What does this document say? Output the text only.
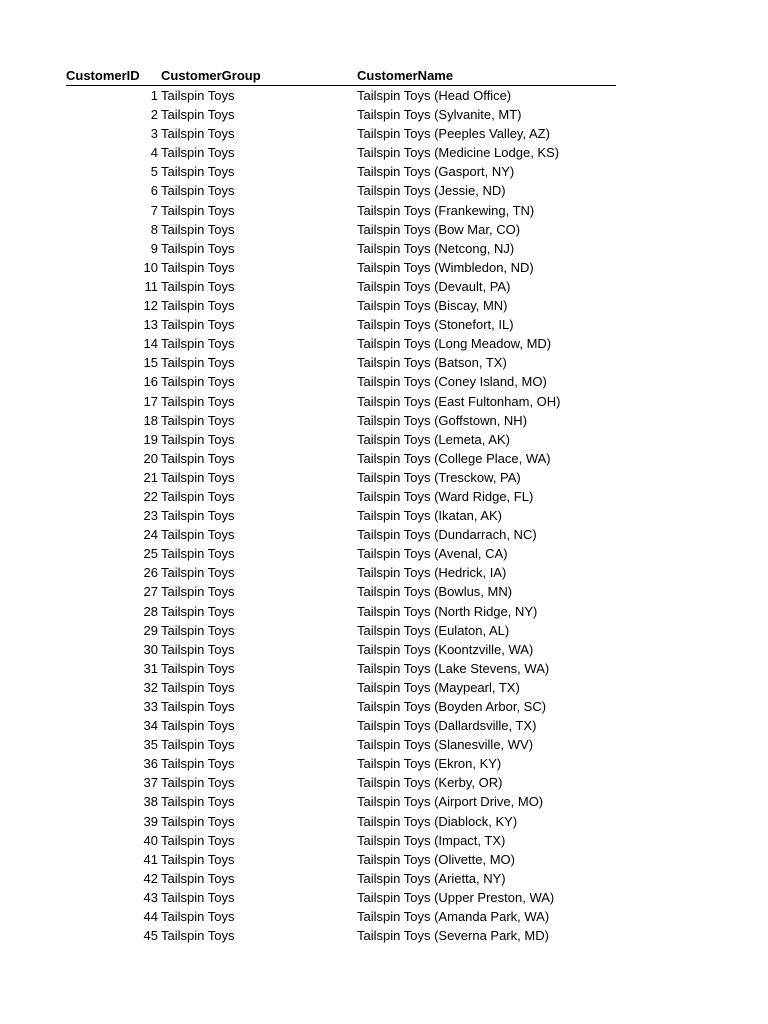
CustomerID CustomerGroup	CustomerName
1 Tailspin Toys	Tailspin Toys (Head Office)
2 Tailspin Toys	Tailspin Toys (Sylvanite, MT)
3 Tailspin Toys	Tailspin Toys (Peeples Valley, AZ)
4 Tailspin Toys	Tailspin Toys (Medicine Lodge, KS)
5 Tailspin Toys	Tailspin Toys (Gasport, NY)
6 Tailspin Toys	Tailspin Toys (Jessie, ND)
7 Tailspin Toys	Tailspin Toys (Frankewing, TN)
8 Tailspin Toys	Tailspin Toys (Bow Mar, CO)
9 Tailspin Toys	Tailspin Toys (Netcong, NJ)
10 Tailspin Toys	Tailspin Toys (Wimbledon, ND)
11 Tailspin Toys	Tailspin Toys (Devault, PA)
12 Tailspin Toys	Tailspin Toys (Biscay, MN)
13 Tailspin Toys	Tailspin Toys (Stonefort, IL)
14 Tailspin Toys	Tailspin Toys (Long Meadow, MD)
15 Tailspin Toys	Tailspin Toys (Batson, TX)
16 Tailspin Toys	Tailspin Toys (Coney Island, MO)
17 Tailspin Toys	Tailspin Toys (East Fultonham, OH)
18 Tailspin Toys	Tailspin Toys (Goffstown, NH)
19 Tailspin Toys	Tailspin Toys (Lemeta, AK)
20 Tailspin Toys	Tailspin Toys (College Place, WA)
21 Tailspin Toys	Tailspin Toys (Tresckow, PA)
22 Tailspin Toys	Tailspin Toys (Ward Ridge, FL)
23 Tailspin Toys	Tailspin Toys (Ikatan, AK)
24 Tailspin Toys	Tailspin Toys (Dundarrach, NC)
25 Tailspin Toys	Tailspin Toys (Avenal, CA)
26 Tailspin Toys	Tailspin Toys (Hedrick, IA)
27 Tailspin Toys	Tailspin Toys (Bowlus, MN)
28 Tailspin Toys	Tailspin Toys (North Ridge, NY)
29 Tailspin Toys	Tailspin Toys (Eulaton, AL)
30 Tailspin Toys	Tailspin Toys (Koontzville, WA)
31 Tailspin Toys	Tailspin Toys (Lake Stevens, WA)
32 Tailspin Toys	Tailspin Toys (Maypearl, TX)
33 Tailspin Toys	Tailspin Toys (Boyden Arbor, SC)
34 Tailspin Toys	Tailspin Toys (Dallardsville, TX)
35 Tailspin Toys	Tailspin Toys (Slanesville, WV)
36 Tailspin Toys	Tailspin Toys (Ekron, KY)
37 Tailspin Toys	Tailspin Toys (Kerby, OR)
38 Tailspin Toys	Tailspin Toys (Airport Drive, MO)
39 Tailspin Toys	Tailspin Toys (Diablock, KY)
40 Tailspin Toys	Tailspin Toys (Impact, TX)
41 Tailspin Toys	Tailspin Toys (Olivette, MO)
42 Tailspin Toys	Tailspin Toys (Arietta, NY)
43 Tailspin Toys	Tailspin Toys (Upper Preston, WA)
44 Tailspin Toys	Tailspin Toys (Amanda Park, WA)
45 Tailspin Toys	Tailspin Toys (Severna Park, MD)
